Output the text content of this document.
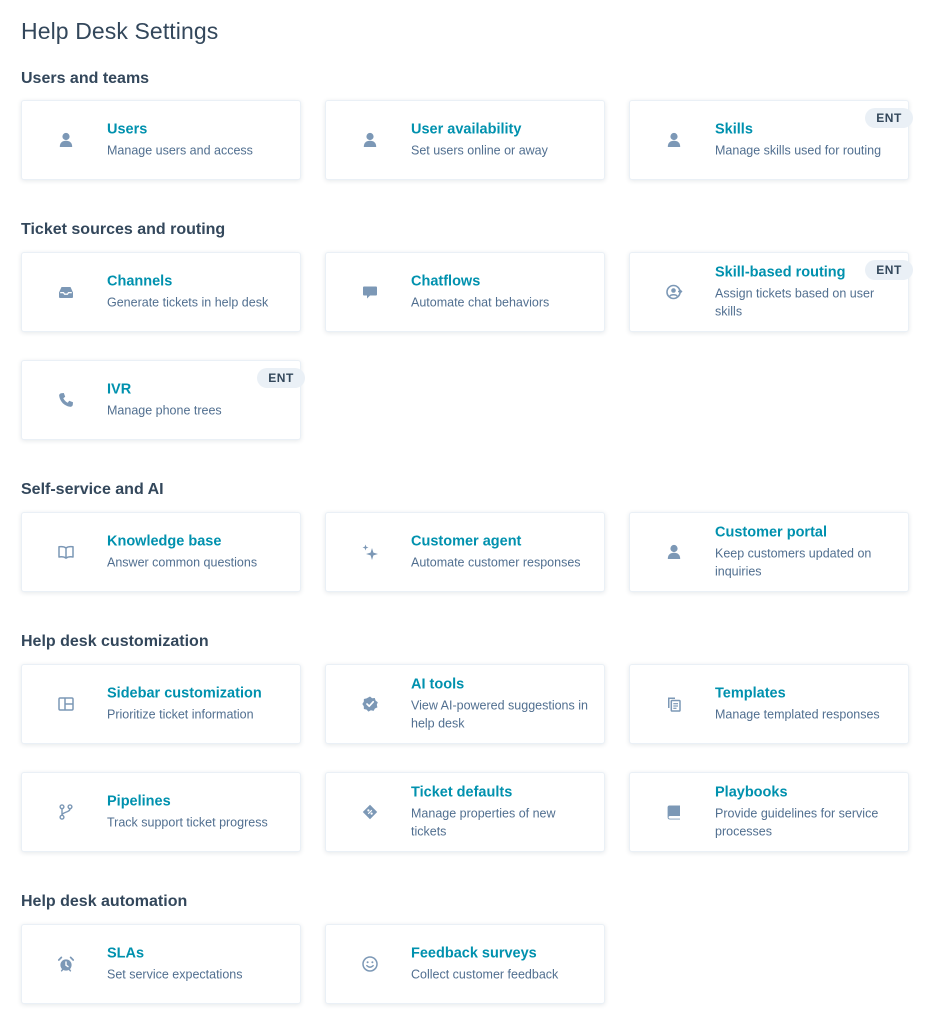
Help Desk Settings
Users and teams
Users
Manage users and access
User availability
Set users online or away
Skills
Manage skills used for routing
ENT
Ticket sources and routing
Channels
Generate tickets in help desk
Chatflows
Automate chat behaviors
Skill-based routing
Assign tickets based on user skills
ENT
IVR
Manage phone trees
ENT
Self-service and AI
Knowledge base
Answer common questions
Customer agent
Automate customer responses
Customer portal
Keep customers updated on inquiries
Help desk customization
Sidebar customization
Prioritize ticket information
AI tools
View AI-powered suggestions in help desk
Templates
Manage templated responses
Pipelines
Track support ticket progress
Ticket defaults
Manage properties of new tickets
Playbooks
Provide guidelines for service processes
Help desk automation
SLAs
Set service expectations
Feedback surveys
Collect customer feedback
